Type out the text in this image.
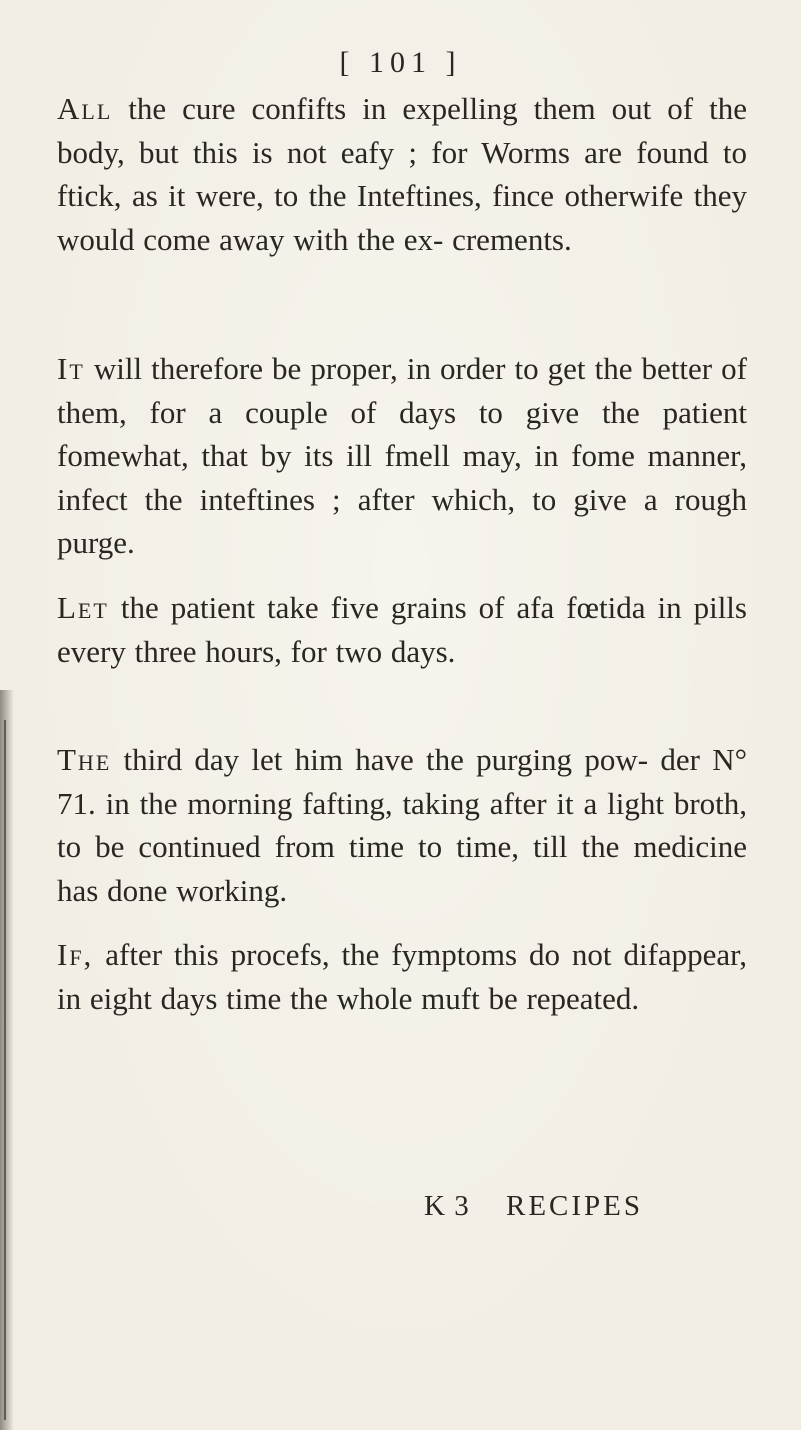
[ 101 ]
All the cure confifts in expelling them out of the body, but this is not eafy ; for Worms are found to ftick, as it were, to the Inteftines, fince otherwife they would come away with the ex- crements.
It will therefore be proper, in order to get the better of them, for a couple of days to give the patient fomewhat, that by its ill fmell may, in fome manner, infect the inteftines ; after which, to give a rough purge.
Let the patient take five grains of afa fœtida in pills every three hours, for two days.
The third day let him have the purging pow- der N° 71. in the morning fafting, taking after it a light broth, to be continued from time to time, till the medicine has done working.
If, after this procefs, the fymptoms do not difappear, in eight days time the whole muft be repeated.
K 3 RECIPES
